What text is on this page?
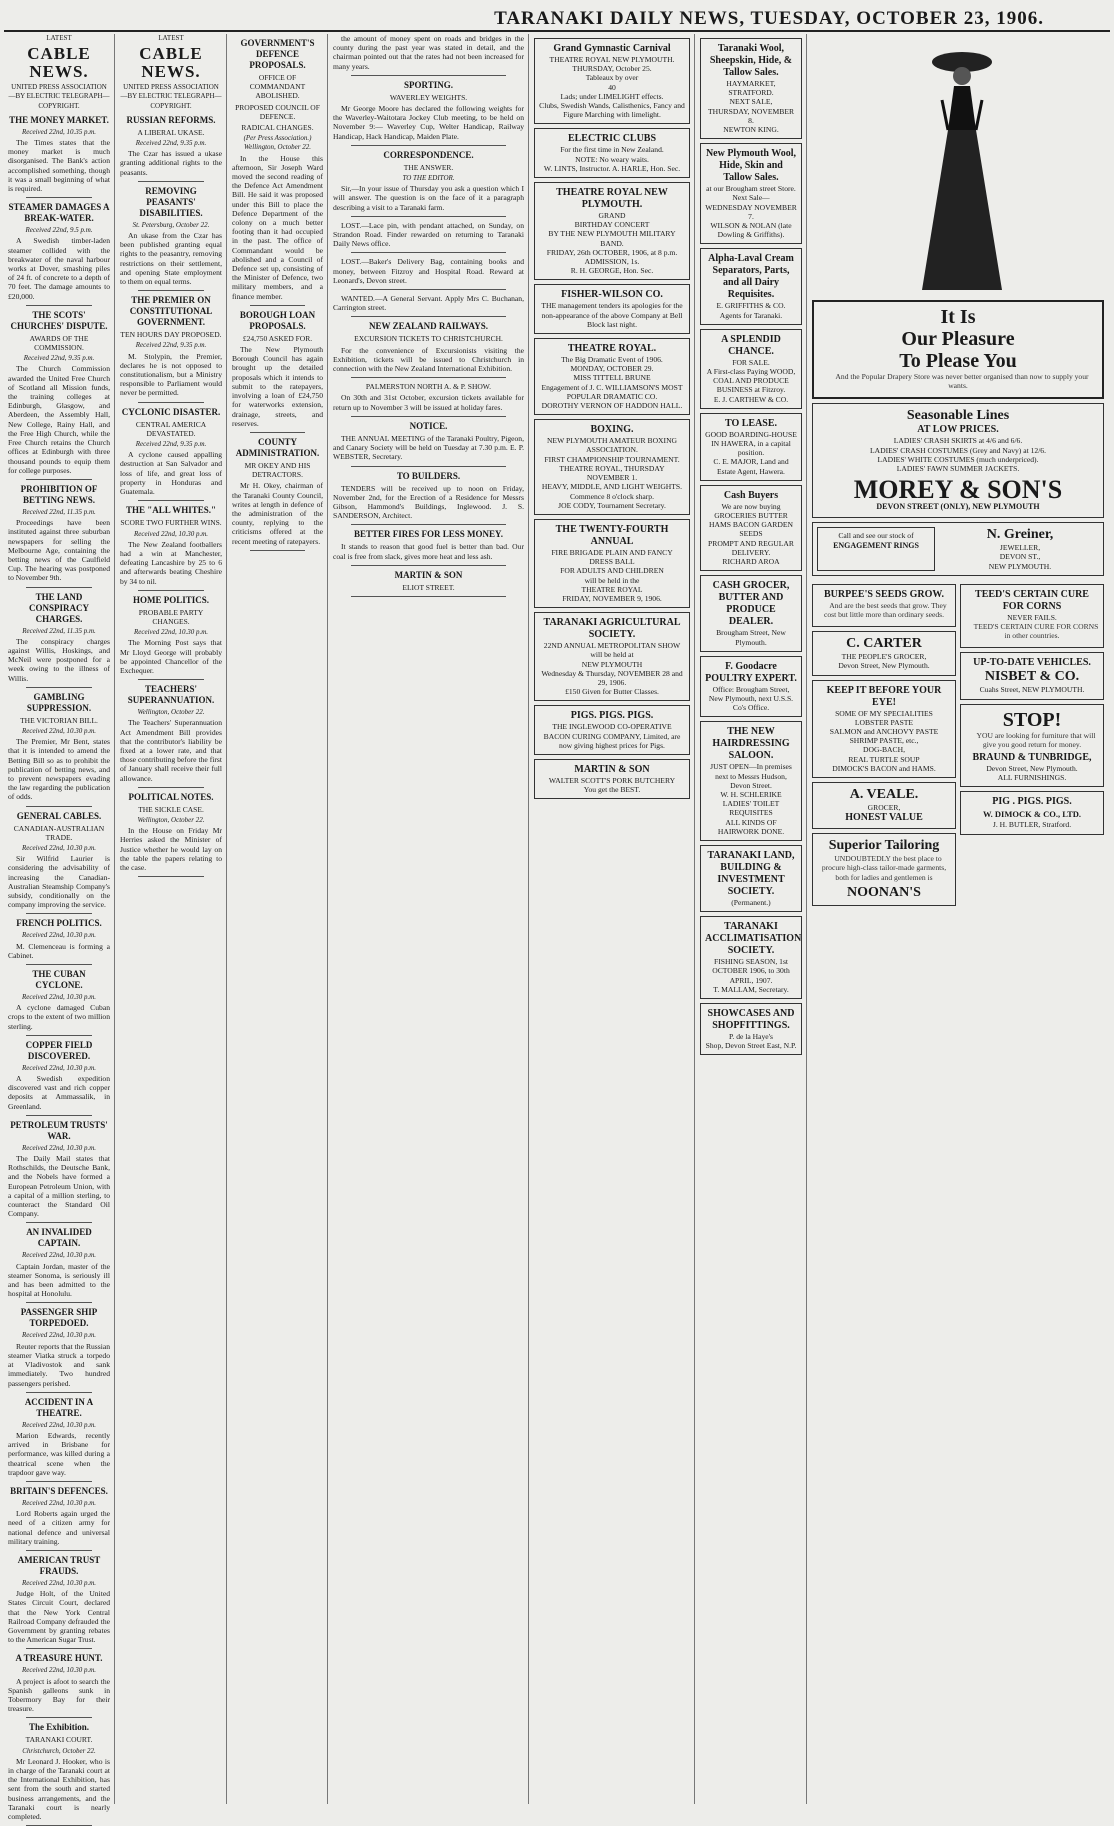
TARANAKI DAILY NEWS, TUESDAY, OCTOBER 23, 1906.
LATEST
CABLE NEWS.
UNITED PRESS ASSOCIATION—BY ELECTRIC TELEGRAPH—COPYRIGHT.
THE MONEY MARKET.
Received 22nd, 10.35 p.m.

The Times states that the money market is much disorganised. The Bank's action accomplished something, though it was a small beginning of what is required.

STEAMER DAMAGES A BREAK-WATER.
Received 22nd, 9.5 p.m.

A Swedish timber-laden steamer collided with the breakwater of the naval harbour works at Dover, smashing piles of 24 ft. of concrete to a depth of 70 feet. The damage amounts to £20,000.

THE SCOTS' CHURCHES' DISPUTE.
AWARDS OF THE COMMISSION.
Received 22nd, 9.35 p.m.

The Church Commission awarded the United Free Church of Scotland all Mission funds, the training colleges at Edinburgh, Glasgow, and Aberdeen, the Assembly Hall, New College, Rainy Hall, and the Free High Church, while the Free Church retains the Church offices at Edinburgh with three thousand pounds to equip them for college purposes.

PROHIBITION OF BETTING NEWS.
Received 22nd, 11.35 p.m.

Proceedings have been instituted against three suburban newspapers for selling the Melbourne Age, containing the betting news of the Caulfield Cup. The hearing was postponed to November 9th.

THE LAND CONSPIRACY CHARGES.
Received 22nd, 11.35 p.m.

The conspiracy charges against Willis, Hoskings, and McNeil were postponed for a week owing to the illness of Willis.

GAMBLING SUPPRESSION.
THE VICTORIAN BILL.
Received 22nd, 10.30 p.m.

The Premier, Mr Bent, states that it is intended to amend the Betting Bill so as to prohibit the publication of betting news, and to prevent newspapers evading the law regarding the publication of odds.

GENERAL CABLES.
CANADIAN-AUSTRALIAN TRADE.
Received 22nd, 10.30 p.m.

Sir Wilfrid Laurier is considering the advisability of increasing the Canadian-Australian Steamship Company's subsidy, conditionally on the company improving the service.

FRENCH POLITICS.
Received 22nd, 10.30 p.m.

M. Clemenceau is forming a Cabinet.

THE CUBAN CYCLONE.
Received 22nd, 10.30 p.m.

A cyclone damaged Cuban crops to the extent of two million sterling.

COPPER FIELD DISCOVERED.
Received 22nd, 10.30 p.m.

A Swedish expedition discovered vast and rich copper deposits at Ammassalik, in Greenland.

PETROLEUM TRUSTS' WAR.
Received 22nd, 10.30 p.m.

The Daily Mail states that Rothschilds, the Deutsche Bank, and the Nobels have formed a European Petroleum Union, with a capital of a million sterling, to counteract the Standard Oil Company.

AN INVALIDED CAPTAIN.
Received 22nd, 10.30 p.m.

Captain Jordan, master of the steamer Sonoma, is seriously ill and has been admitted to the hospital at Honolulu.

PASSENGER SHIP TORPEDOED.
Received 22nd, 10.30 p.m.

Reuter reports that the Russian steamer Viatka struck a torpedo at Vladivostok and sank immediately. Two hundred passengers perished.

ACCIDENT IN A THEATRE.
Received 22nd, 10.30 p.m.

Marion Edwards, recently arrived in Brisbane for performance, was killed during a theatrical scene when the trapdoor gave way.

BRITAIN'S DEFENCES.
Received 22nd, 10.30 p.m.

Lord Roberts again urged the need of a citizen army for national defence and universal military training.

AMERICAN TRUST FRAUDS.
Received 22nd, 10.30 p.m.

Judge Holt, of the United States Circuit Court, declared that the New York Central Railroad Company defrauded the Government by granting rebates to the American Sugar Trust.

A TREASURE HUNT.
Received 22nd, 10.30 p.m.

A project is afoot to search the Spanish galleons sunk in Tobermory Bay for their treasure.

The Exhibition.
TARANAKI COURT.
Christchurch, October 22.

Mr Leonard J. Hooker, who is in charge of the Taranaki court at the International Exhibition, has sent from the south and started business arrangements, and the Taranaki court is nearly completed.

LATEST
CABLE NEWS.
UNITED PRESS ASSOCIATION—BY ELECTRIC TELEGRAPH—COPYRIGHT.
RUSSIAN REFORMS.
A LIBERAL UKASE.
Received 22nd, 9.35 p.m.

The Czar has issued a ukase granting additional rights to the peasants.

REMOVING PEASANTS' DISABILITIES.
St. Petersburg, October 22.

An ukase from the Czar has been published granting equal rights to the peasantry, removing restrictions on their settlement, and opening State employment to them on equal terms.

THE PREMIER ON CONSTITUTIONAL GOVERNMENT.
TEN HOURS DAY PROPOSED.
Received 22nd, 9.35 p.m.

M. Stolypin, the Premier, declares he is not opposed to constitutionalism, but a Ministry responsible to Parliament would never be permitted.

CYCLONIC DISASTER.
CENTRAL AMERICA DEVASTATED.
Received 22nd, 9.35 p.m.

A cyclone caused appalling destruction at San Salvador and loss of life, and great loss of property in Honduras and Guatemala.

THE "ALL WHITES."
SCORE TWO FURTHER WINS.
Received 22nd, 10.30 p.m.

The New Zealand footballers had a win at Manchester, defeating Lancashire by 25 to 6 and afterwards beating Cheshire by 34 to nil.

HOME POLITICS.
PROBABLE PARTY CHANGES.
Received 22nd, 10.30 p.m.

The Morning Post says that Mr Lloyd George will probably be appointed Chancellor of the Exchequer.

TEACHERS' SUPERANNUATION.
Wellington, October 22.

The Teachers' Superannuation Act Amendment Bill provides that the contributor's liability be fixed at a lower rate, and that those contributing before the first of January shall receive their full allowance.

POLITICAL NOTES.
THE SICKLE CASE.
Wellington, October 22.

In the House on Friday Mr Herries asked the Minister of Justice whether he would lay on the table the papers relating to the case.

GOVERNMENT'S DEFENCE PROPOSALS.
OFFICE OF COMMANDANT ABOLISHED.
PROPOSED COUNCIL OF DEFENCE.
RADICAL CHANGES.
(Per Press Association.) Wellington, October 22.

In the House this afternoon, Sir Joseph Ward moved the second reading of the Defence Act Amendment Bill. He said it was proposed under this Bill to place the Defence Department of the colony on a much better footing than it had occupied in the past. The office of Commandant would be abolished and a Council of Defence set up, consisting of the Minister of Defence, two military members, and a finance member.

BOROUGH LOAN PROPOSALS.
£24,750 ASKED FOR.

The New Plymouth Borough Council has again brought up the detailed proposals which it intends to submit to the ratepayers, involving a loan of £24,750 for waterworks extension, drainage, streets, and reserves.

COUNTY ADMINISTRATION.
MR OKEY AND HIS DETRACTORS.

Mr H. Okey, chairman of the Taranaki County Council, writes at length in defence of the administration of the county, replying to the criticisms offered at the recent meeting of ratepayers.

the amount of money spent on roads and bridges in the county during the past year was stated in detail, and the chairman pointed out that the rates had not been increased for many years.

SPORTING.
WAVERLEY WEIGHTS.

Mr George Moore has declared the following weights for the Waverley-Waitotara Jockey Club meeting, to be held on November 9:— Waverley Cup, Welter Handicap, Railway Handicap, Hack Handicap, Maiden Plate.

CORRESPONDENCE.
THE ANSWER.
TO THE EDITOR.

Sir,—In your issue of Thursday you ask a question which I will answer. The question is on the face of it a paragraph describing a visit to a Taranaki farm.

LOST.—Lace pin, with pendant attached, on Sunday, on Strandon Road. Finder rewarded on returning to Taranaki Daily News office.

LOST.—Baker's Delivery Bag, containing books and money, between Fitzroy and Hospital Road. Reward at Leonard's, Devon street.

WANTED.—A General Servant. Apply Mrs C. Buchanan, Carrington street.

NEW ZEALAND RAILWAYS.
EXCURSION TICKETS TO CHRISTCHURCH.

For the convenience of Excursionists visiting the Exhibition, tickets will be issued to Christchurch in connection with the New Zealand International Exhibition.

PALMERSTON NORTH A. & P. SHOW.

On 30th and 31st October, excursion tickets available for return up to November 3 will be issued at holiday fares.

NOTICE.

THE ANNUAL MEETING of the Taranaki Poultry, Pigeon, and Canary Society will be held on Tuesday at 7.30 p.m. E. P. WEBSTER, Secretary.

TO BUILDERS.

TENDERS will be received up to noon on Friday, November 2nd, for the Erection of a Residence for Messrs Gibson, Hammond's Buildings, Inglewood. J. S. SANDERSON, Architect.

BETTER FIRES FOR LESS MONEY.

It stands to reason that good fuel is better than bad. Our coal is free from slack, gives more heat and less ash.

MARTIN & SON
ELIOT STREET.
Grand Gymnastic Carnival
THEATRE ROYAL NEW PLYMOUTH.
THURSDAY, October 25.
Tableaux by over
40
Lads; under LIMELIGHT effects.
Clubs, Swedish Wands, Calisthenics, Fancy and Figure Marching with limelight.
ELECTRIC CLUBS
For the first time in New Zealand.
NOTE: No weary waits.
W. LINTS, Instructor. A. HARLE, Hon. Sec.
THEATRE ROYAL NEW PLYMOUTH.
GRAND
BIRTHDAY CONCERT
BY THE NEW PLYMOUTH MILITARY BAND.
FRIDAY, 26th OCTOBER, 1906, at 8 p.m.
ADMISSION, 1s.
R. H. GEORGE, Hon. Sec.
FISHER-WILSON CO.
THE management tenders its apologies for the non-appearance of the above Company at Bell Block last night.
THEATRE ROYAL.
The Big Dramatic Event of 1906.
MONDAY, OCTOBER 29.
MISS TITTELL BRUNE
Engagement of J. C. WILLIAMSON'S MOST POPULAR DRAMATIC CO.
DOROTHY VERNON OF HADDON HALL.
BOXING.
NEW PLYMOUTH AMATEUR BOXING ASSOCIATION.
FIRST CHAMPIONSHIP TOURNAMENT.
THEATRE ROYAL, THURSDAY NOVEMBER 1.
HEAVY, MIDDLE, AND LIGHT WEIGHTS.
Commence 8 o'clock sharp.
JOE CODY, Tournament Secretary.
THE TWENTY-FOURTH ANNUAL
FIRE BRIGADE PLAIN AND FANCY DRESS BALL
FOR ADULTS AND CHILDREN
will be held in the
THEATRE ROYAL
FRIDAY, NOVEMBER 9, 1906.
TARANAKI AGRICULTURAL SOCIETY.
22ND ANNUAL METROPOLITAN SHOW
will be held at
NEW PLYMOUTH
Wednesday & Thursday, NOVEMBER 28 and 29, 1906.
£150 Given for Butter Classes.
PIGS. PIGS. PIGS.
THE INGLEWOOD CO-OPERATIVE BACON CURING COMPANY, Limited, are now giving highest prices for Pigs.
MARTIN & SON
WALTER SCOTT'S PORK BUTCHERY
You get the BEST.
Taranaki Wool, Sheepskin, Hide, & Tallow Sales.
HAYMARKET, STRATFORD.
NEXT SALE,
THURSDAY, NOVEMBER 8.
NEWTON KING.
New Plymouth Wool, Hide, Skin and Tallow Sales.
at our Brougham street Store.
Next Sale—
WEDNESDAY NOVEMBER 7.
WILSON & NOLAN (late Dowling & Griffiths).
Alpha-Laval Cream Separators, Parts, and all Dairy Requisites.
E. GRIFFITHS & CO.
Agents for Taranaki.
A SPLENDID CHANCE.
FOR SALE.
A First-class Paying WOOD, COAL AND PRODUCE BUSINESS at Fitzroy.
E. J. CARTHEW & CO.
TO LEASE.
GOOD BOARDING-HOUSE IN HAWERA, in a capital position.
C. E. MAJOR, Land and Estate Agent, Hawera.
Cash Buyers
We are now buying
GROCERIES BUTTER HAMS BACON GARDEN SEEDS
PROMPT AND REGULAR DELIVERY.
RICHARD AROA
CASH GROCER, BUTTER AND PRODUCE DEALER.
Brougham Street, New Plymouth.
F. Goodacre POULTRY EXPERT.
Office: Brougham Street, New Plymouth, next U.S.S. Co's Office.
THE NEW HAIRDRESSING SALOON.
JUST OPEN—In premises next to Messrs Hudson, Devon Street.
W. H. SCHLERIKE
LADIES' TOILET REQUISITES
ALL KINDS OF HAIRWORK DONE.
TARANAKI LAND, BUILDING & INVESTMENT SOCIETY.
(Permanent.)
TARANAKI ACCLIMATISATION SOCIETY.
FISHING SEASON, 1st OCTOBER 1906, to 30th APRIL, 1907.
T. MALLAM, Secretary.
SHOWCASES AND SHOPFITTINGS.
P. de la Haye's
Shop, Devon Street East, N.P.
It Is
Our Pleasure
To Please You

And the Popular Drapery Store was never better organised than now to supply your wants.

Seasonable Lines
AT LOW PRICES.
LADIES' CRASH SKIRTS at 4/6 and 6/6.
LADIES' CRASH COSTUMES (Grey and Navy) at 12/6.
LADIES' WHITE COSTUMES (much underpriced).
LADIES' FAWN SUMMER JACKETS.
MOREY & SON'S
DEVON STREET (ONLY), NEW PLYMOUTH
Call and see our stock of
ENGAGEMENT RINGS
N. Greiner,
JEWELLER,
DEVON ST.,
NEW PLYMOUTH.
BURPEE'S SEEDS GROW.

And are the best seeds that grow. They cost but little more than ordinary seeds.

C. CARTER
THE PEOPLE'S GROCER,
Devon Street, New Plymouth.
KEEP IT BEFORE YOUR EYE!
SOME OF MY SPECIALITIES
LOBSTER PASTE
SALMON and ANCHOVY PASTE
SHRIMP PASTE, etc.,
DOG-BACH,
REAL TURTLE SOUP
DIMOCK'S BACON and HAMS.
A. VEALE.
GROCER,
HONEST VALUE
Superior Tailoring

UNDOUBTEDLY the best place to procure high-class tailor-made garments, both for ladies and gentlemen is

NOONAN'S
TEED'S CERTAIN CURE FOR CORNS
NEVER FAILS.

TEED'S CERTAIN CURE FOR CORNS in other countries.

UP-TO-DATE VEHICLES.
NISBET & CO.
Cuahs Street, NEW PLYMOUTH.
STOP!

YOU are looking for furniture that will give you good return for money.

BRAUND & TUNBRIDGE,
Devon Street, New Plymouth.
ALL FURNISHINGS.
PIG . PIGS. PIGS.
W. DIMOCK & CO., LTD.
J. H. BUTLER, Stratford.
